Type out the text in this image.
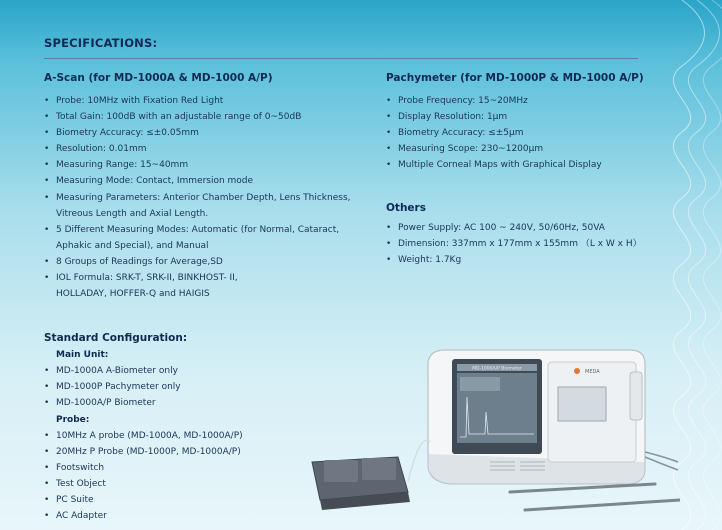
SPECIFICATIONS:
A-Scan (for MD-1000A & MD-1000 A/P)
• Probe: 10MHz with Fixation Red Light
• Total Gain: 100dB with an adjustable range of 0~50dB
• Biometry Accuracy: ≤±0.05mm
• Resolution: 0.01mm
• Measuring Range: 15~40mm
• Measuring Mode: Contact, Immersion mode
• Measuring Parameters: Anterior Chamber Depth, Lens Thickness,
Vitreous Length and Axial Length.
• 5 Different Measuring Modes: Automatic (for Normal, Cataract,
Aphakic and Special), and Manual
• 8 Groups of Readings for Average,SD
• IOL Formula: SRK-T, SRK-II, BINKHOST- II,
HOLLADAY, HOFFER-Q and HAIGIS
Pachymeter (for MD-1000P & MD-1000 A/P)
• Probe Frequency: 15~20MHz
• Display Resolution: 1μm
• Biometry Accuracy: ≤±5μm
• Measuring Scope: 230~1200μm
• Multiple Corneal Maps with Graphical Display
Others
• Power Supply: AC 100 ~ 240V, 50/60Hz, 50VA
• Dimension: 337mm x 177mm x 155mm （L x W x H）
• Weight: 1.7Kg
Standard Configuration:
Main Unit:
• MD-1000A A-Biometer only
• MD-1000P Pachymeter only
• MD-1000A/P Biometer
Probe:
• 10MHz A probe (MD-1000A, MD-1000A/P)
• 20MHz P Probe (MD-1000P, MD-1000A/P)
• Footswitch
• Test Object
• PC Suite
• AC Adapter
MD-1000A/P Biometer	MEDA
